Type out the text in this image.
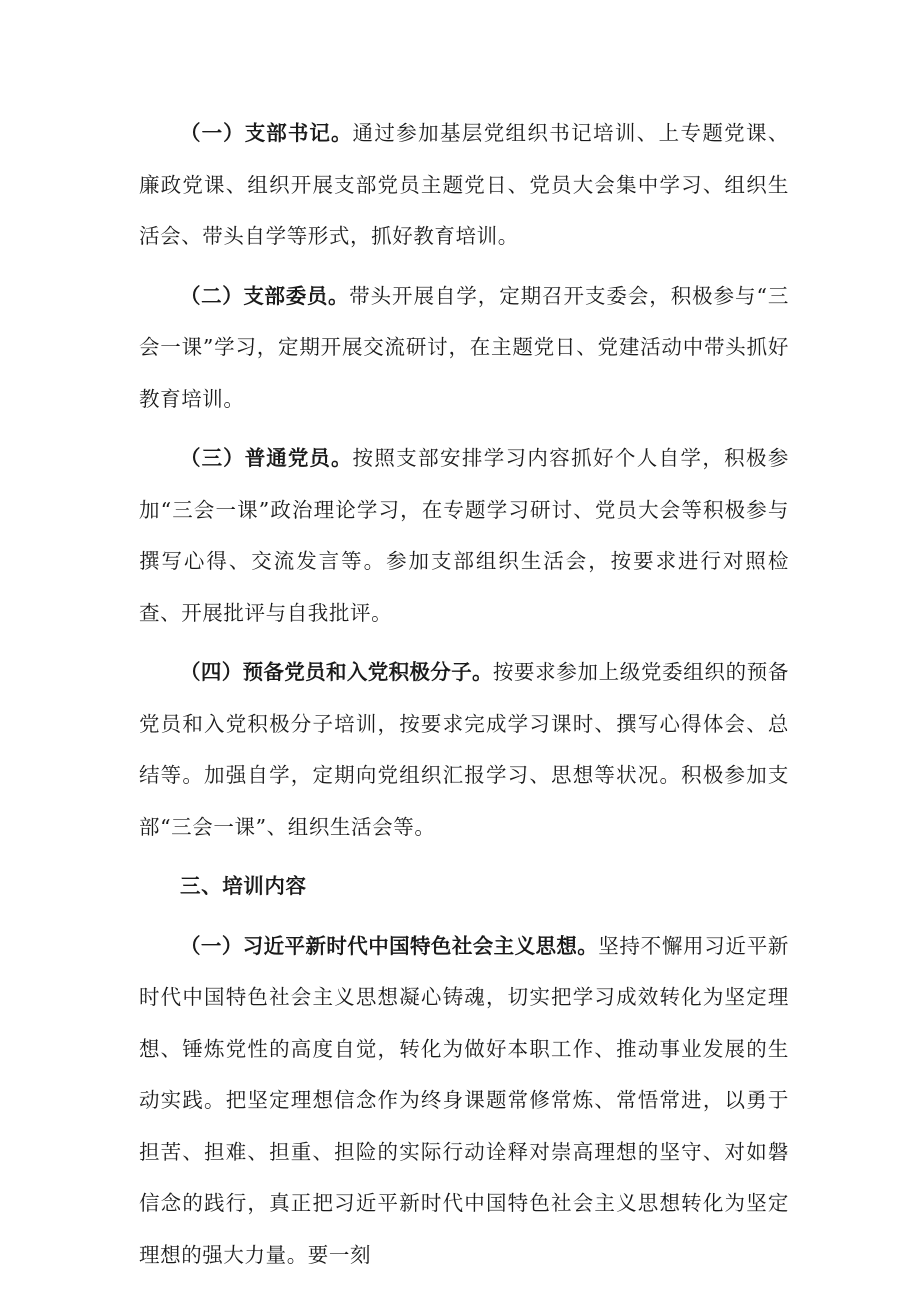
（一）支部书记。通过参加基层党组织书记培训、上专题党课、廉政党课、组织开展支部党员主题党日、党员大会集中学习、组织生活会、带头自学等形式，抓好教育培训。

（二）支部委员。带头开展自学，定期召开支委会，积极参与“三会一课”学习，定期开展交流研讨，在主题党日、党建活动中带头抓好教育培训。

（三）普通党员。按照支部安排学习内容抓好个人自学，积极参加“三会一课”政治理论学习，在专题学习研讨、党员大会等积极参与撰写心得、交流发言等。参加支部组织生活会，按要求进行对照检查、开展批评与自我批评。

（四）预备党员和入党积极分子。按要求参加上级党委组织的预备党员和入党积极分子培训，按要求完成学习课时、撰写心得体会、总结等。加强自学，定期向党组织汇报学习、思想等状况。积极参加支部“三会一课”、组织生活会等。

三、培训内容

（一）习近平新时代中国特色社会主义思想。坚持不懈用习近平新时代中国特色社会主义思想凝心铸魂，切实把学习成效转化为坚定理想、锤炼党性的高度自觉，转化为做好本职工作、推动事业发展的生动实践。把坚定理想信念作为终身课题常修常炼、常悟常进，以勇于担苦、担难、担重、担险的实际行动诠释对崇高理想的坚守、对如磐信念的践行，真正把习近平新时代中国特色社会主义思想转化为坚定理想的强大力量。要一刻
